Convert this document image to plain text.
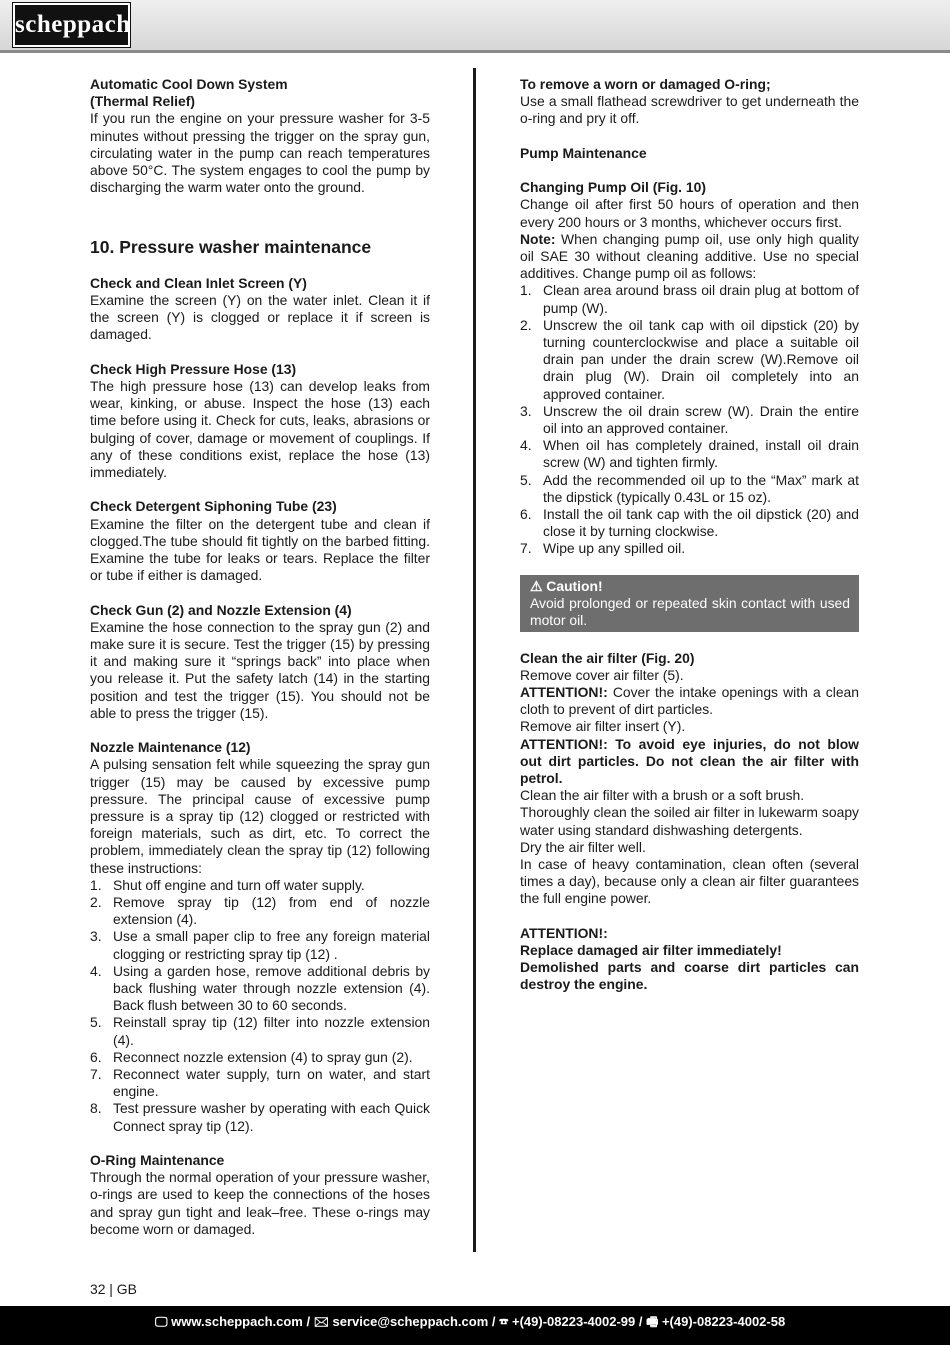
scheppach
Automatic Cool Down System
(Thermal Relief)
If you run the engine on your pressure washer for 3-5 minutes without pressing the trigger on the spray gun, circulating water in the pump can reach temperatures above 50°C. The system engages to cool the pump by discharging the warm water onto the ground.
10. Pressure washer maintenance
Check and Clean Inlet Screen (Y)
Examine the screen (Y) on the water inlet. Clean it if the screen (Y) is clogged or replace it if screen is damaged.
Check High Pressure Hose (13)
The high pressure hose (13) can develop leaks from wear, kinking, or abuse. Inspect the hose (13) each time before using it. Check for cuts, leaks, abrasions or bulging of cover, damage or movement of couplings. If any of these conditions exist, replace the hose (13) immediately.
Check Detergent Siphoning Tube (23)
Examine the filter on the detergent tube and clean if clogged.The tube should fit tightly on the barbed fitting. Examine the tube for leaks or tears. Replace the filter or tube if either is damaged.
Check Gun (2) and Nozzle Extension (4)
Examine the hose connection to the spray gun (2) and make sure it is secure. Test the trigger (15) by pressing it and making sure it “springs back” into place when you release it. Put the safety latch (14) in the starting position and test the trigger (15). You should not be able to press the trigger (15).
Nozzle Maintenance (12)
A pulsing sensation felt while squeezing the spray gun trigger (15) may be caused by excessive pump pressure. The principal cause of excessive pump pressure is a spray tip (12) clogged or restricted with foreign materials, such as dirt, etc. To correct the problem, immediately clean the spray tip (12) following these instructions:
1. Shut off engine and turn off water supply.
2. Remove spray tip (12) from end of nozzle extension (4).
3. Use a small paper clip to free any foreign material clogging or restricting spray tip (12) .
4. Using a garden hose, remove additional debris by back flushing water through nozzle extension (4). Back flush between 30 to 60 seconds.
5. Reinstall spray tip (12) filter into nozzle extension (4).
6. Reconnect nozzle extension (4) to spray gun (2).
7. Reconnect water supply, turn on water, and start engine.
8. Test pressure washer by operating with each Quick Connect spray tip (12).
O-Ring Maintenance
Through the normal operation of your pressure washer, o-rings are used to keep the connections of the hoses and spray gun tight and leak–free. These o-rings may become worn or damaged.
To remove a worn or damaged O-ring;
Use a small flathead screwdriver to get underneath the o-ring and pry it off.
Pump Maintenance
Changing Pump Oil (Fig. 10)
Change oil after first 50 hours of operation and then every 200 hours or 3 months, whichever occurs first.
Note: When changing pump oil, use only high quality oil SAE 30 without cleaning additive. Use no special additives. Change pump oil as follows:
1. Clean area around brass oil drain plug at bottom of pump (W).
2. Unscrew the oil tank cap with oil dipstick (20) by turning counterclockwise and place a suitable oil drain pan under the drain screw (W).Remove oil drain plug (W). Drain oil completely into an approved container.
3. Unscrew the oil drain screw (W). Drain the entire oil into an approved container.
4. When oil has completely drained, install oil drain screw (W) and tighten firmly.
5. Add the recommended oil up to the “Max” mark at the dipstick (typically 0.43L or 15 oz).
6. Install the oil tank cap with the oil dipstick (20) and close it by turning clockwise.
7. Wipe up any spilled oil.
⚠ Caution!
Avoid prolonged or repeated skin contact with used motor oil.
Clean the air filter (Fig. 20)
Remove cover air filter (5).
ATTENTION!: Cover the intake openings with a clean cloth to prevent of dirt particles.
Remove air filter insert (Y).
ATTENTION!: To avoid eye injuries, do not blow out dirt particles. Do not clean the air filter with petrol.
Clean the air filter with a brush or a soft brush.
Thoroughly clean the soiled air filter in lukewarm soapy water using standard dishwashing detergents.
Dry the air filter well.
In case of heavy contamination, clean often (several times a day), because only a clean air filter guarantees the full engine power.
ATTENTION!:
Replace damaged air filter immediately!
Demolished parts and coarse dirt particles can destroy the engine.
32 | GB
🖵 www.scheppach.com / 🖂 service@scheppach.com / ☎ +(49)-08223-4002-99 / 🖷 +(49)-08223-4002-58
